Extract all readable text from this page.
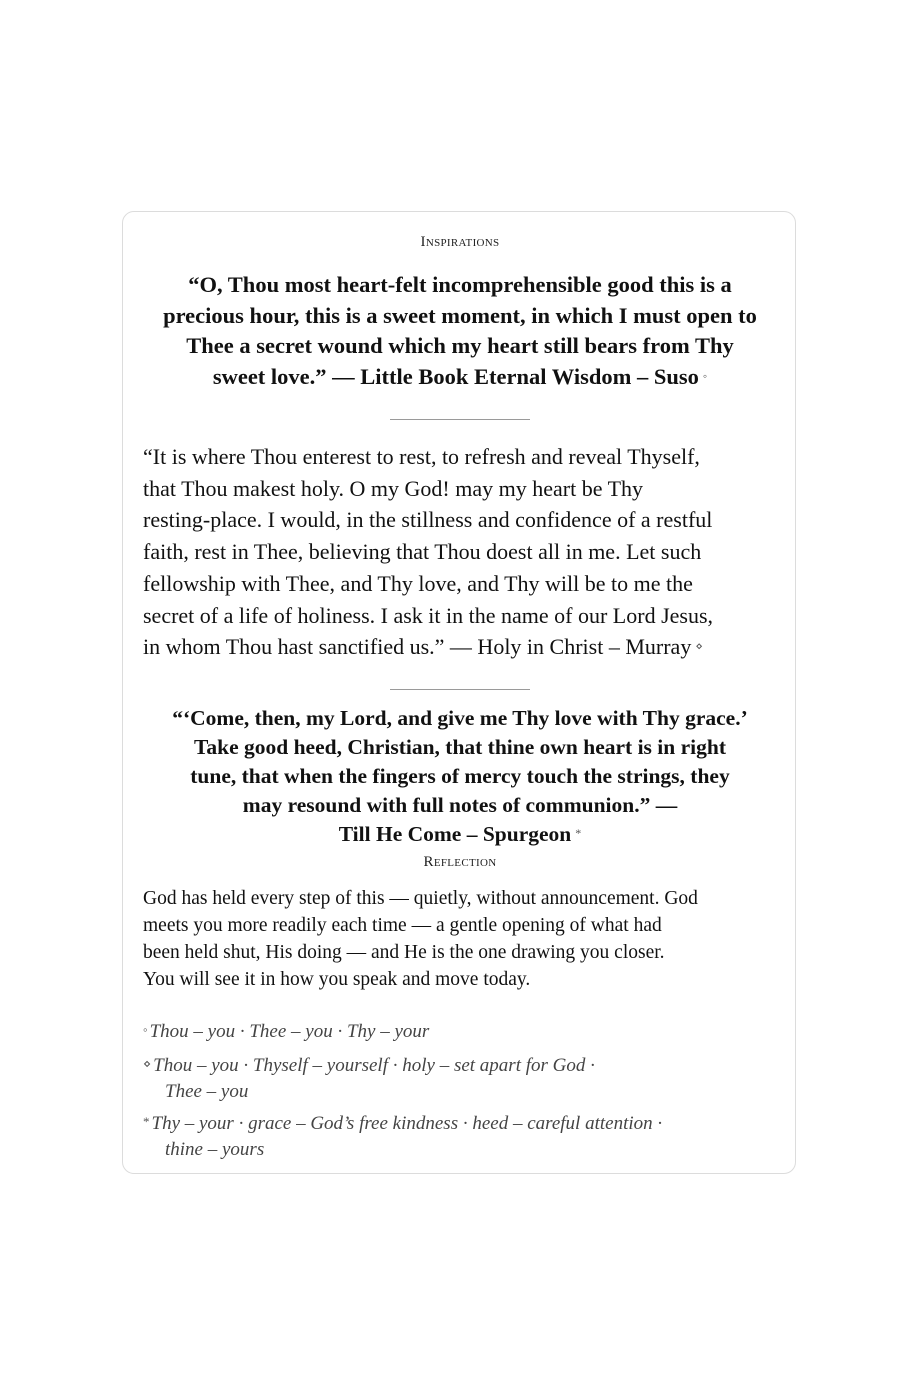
Inspirations
“O, Thou most heart-felt incomprehensible good this is a
precious hour, this is a sweet moment, in which I must open to
Thee a secret wound which my heart still bears from Thy
sweet love.” — Little Book Eternal Wisdom – Suso ◦
“It is where Thou enterest to rest, to refresh and reveal Thyself,
that Thou makest holy. O my God! may my heart be Thy
resting-place. I would, in the stillness and confidence of a restful
faith, rest in Thee, believing that Thou doest all in me. Let such
fellowship with Thee, and Thy love, and Thy will be to me the
secret of a life of holiness. I ask it in the name of our Lord Jesus,
in whom Thou hast sanctified us.” — Holy in Christ – Murray ⋄
“‘Come, then, my Lord, and give me Thy love with Thy grace.’
Take good heed, Christian, that thine own heart is in right
tune, that when the fingers of mercy touch the strings, they
may resound with full notes of communion.” —
Till He Come – Spurgeon *
Reflection
God has held every step of this — quietly, without announcement. God
meets you more readily each time — a gentle opening of what had
been held shut, His doing — and He is the one drawing you closer.
You will see it in how you speak and move today.
◦ Thou – you · Thee – you · Thy – your
⋄ Thou – you · Thyself – yourself · holy – set apart for God ·
Thee – you
* Thy – your · grace – God’s free kindness · heed – careful attention ·
thine – yours
